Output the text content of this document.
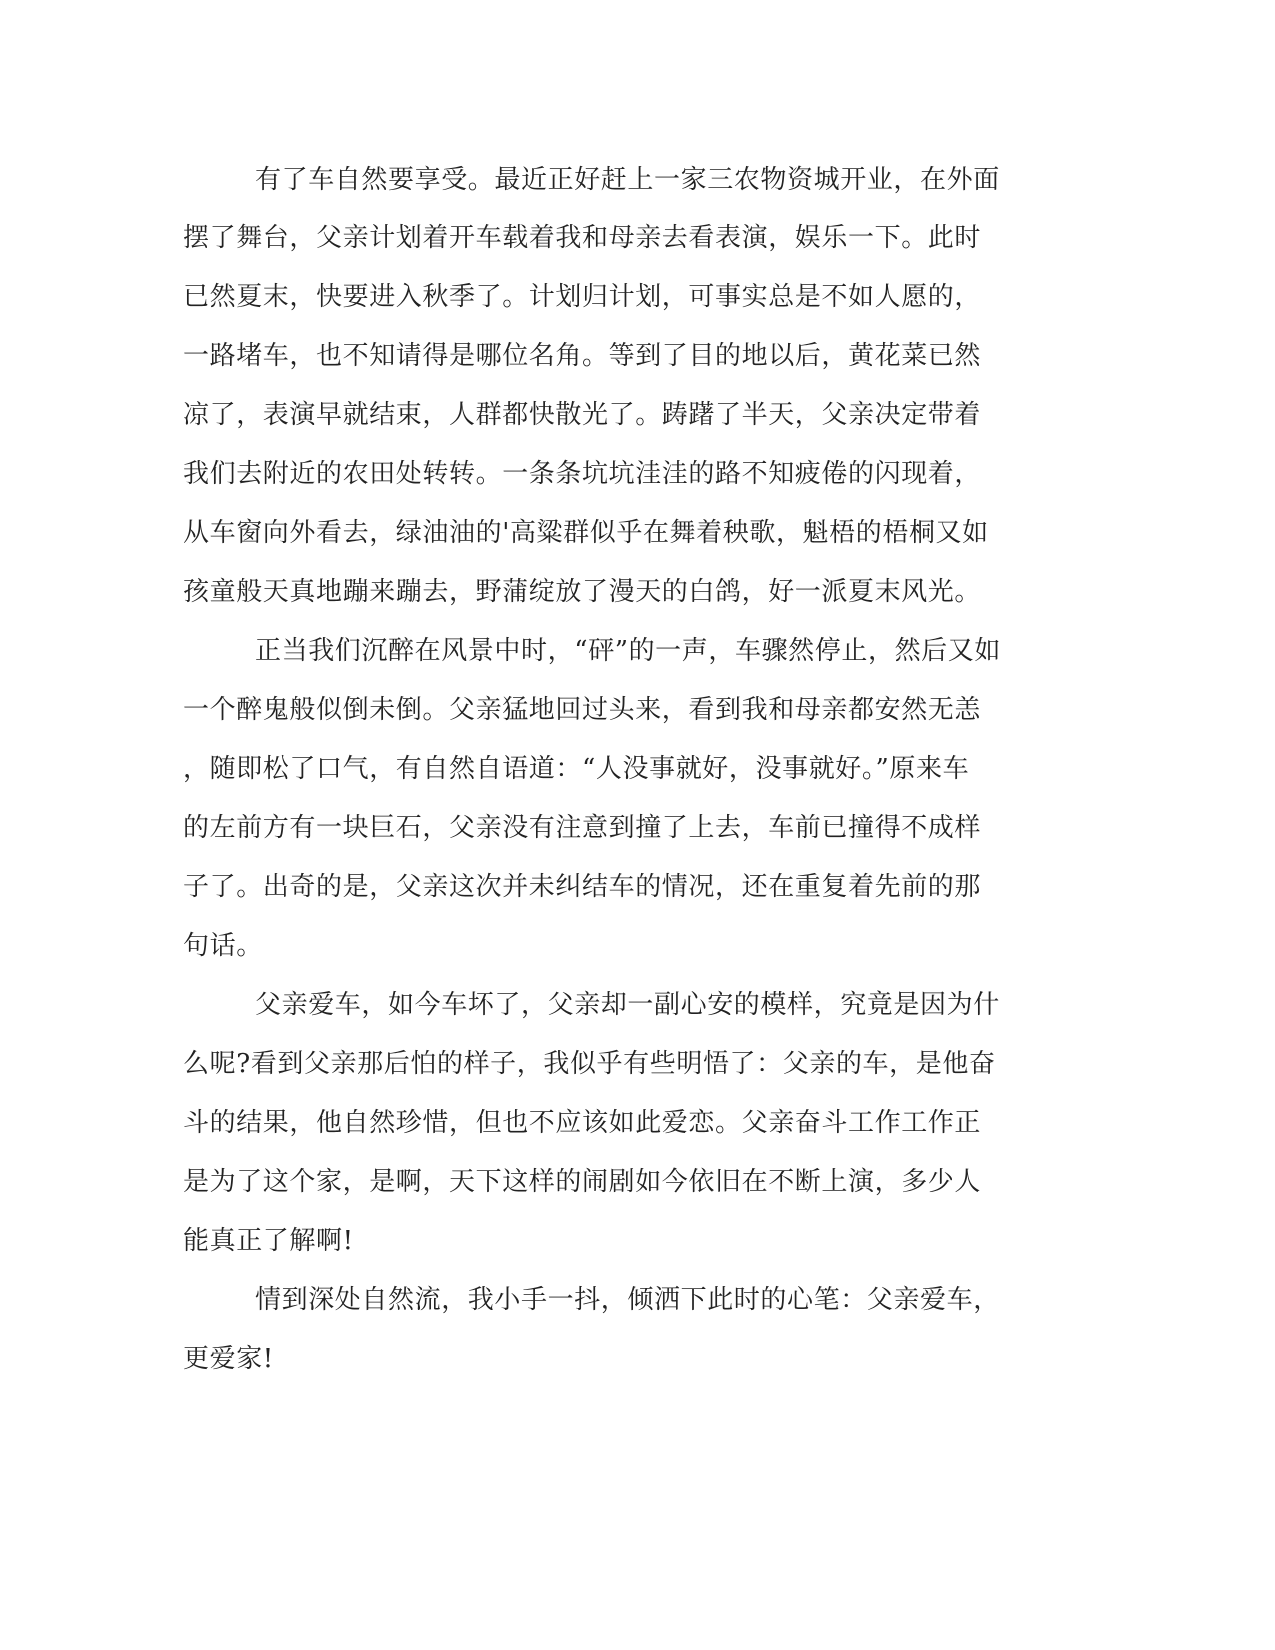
有了车自然要享受。最近正好赶上一家三农物资城开业，在外面
摆了舞台，父亲计划着开车载着我和母亲去看表演，娱乐一下。此时
已然夏末，快要进入秋季了。计划归计划，可事实总是不如人愿的，
一路堵车，也不知请得是哪位名角。等到了目的地以后，黄花菜已然
凉了，表演早就结束，人群都快散光了。踌躇了半天，父亲决定带着
我们去附近的农田处转转。一条条坑坑洼洼的路不知疲倦的闪现着，
从车窗向外看去，绿油油的'高粱群似乎在舞着秧歌，魁梧的梧桐又如
孩童般天真地蹦来蹦去，野蒲绽放了漫天的白鸽，好一派夏末风光。
正当我们沉醉在风景中时，“砰”的一声，车骤然停止，然后又如
一个醉鬼般似倒未倒。父亲猛地回过头来，看到我和母亲都安然无恙
，随即松了口气，有自然自语道：“人没事就好，没事就好。”原来车
的左前方有一块巨石，父亲没有注意到撞了上去，车前已撞得不成样
子了。出奇的是，父亲这次并未纠结车的情况，还在重复着先前的那
句话。
父亲爱车，如今车坏了，父亲却一副心安的模样，究竟是因为什
么呢?看到父亲那后怕的样子，我似乎有些明悟了：父亲的车，是他奋
斗的结果，他自然珍惜，但也不应该如此爱恋。父亲奋斗工作工作正
是为了这个家，是啊，天下这样的闹剧如今依旧在不断上演，多少人
能真正了解啊!
情到深处自然流，我小手一抖，倾洒下此时的心笔：父亲爱车，
更爱家!
